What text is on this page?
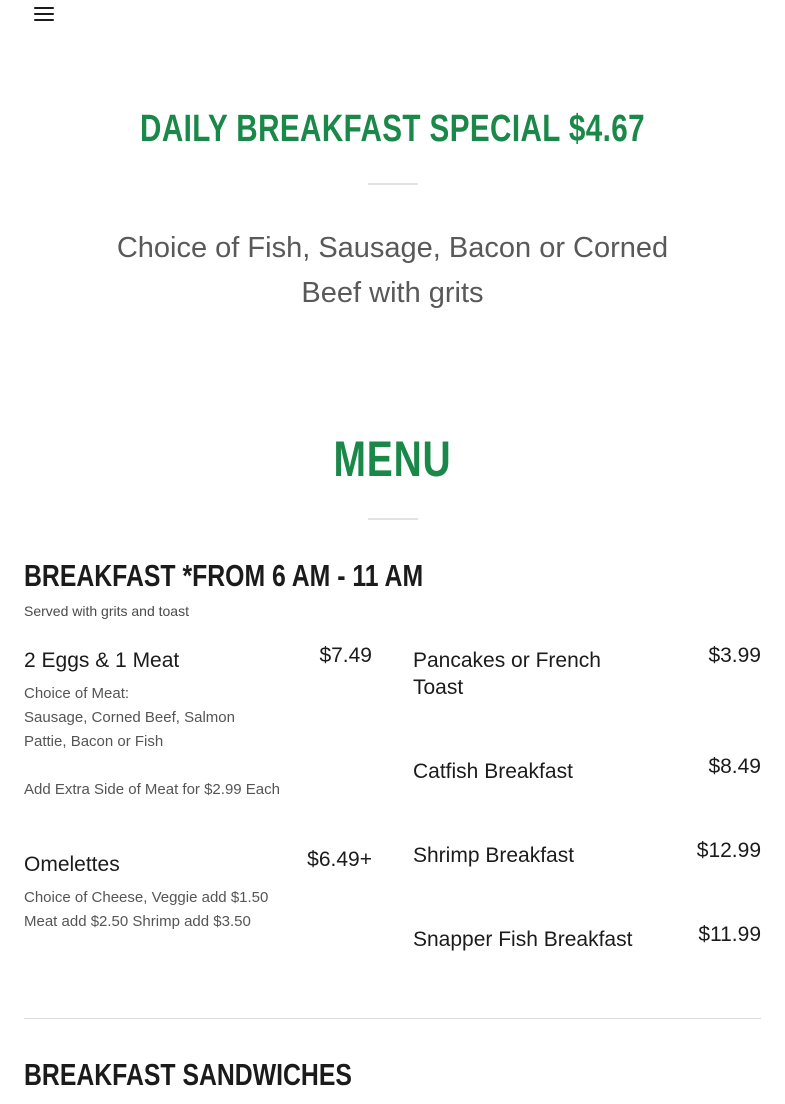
DAILY BREAKFAST SPECIAL $4.67
Choice of Fish, Sausage, Bacon or Corned Beef with grits
MENU
BREAKFAST *FROM 6 AM - 11 AM
Served with grits and toast
2 Eggs & 1 Meat	$7.49
Choice of Meat:
Sausage, Corned Beef, Salmon
Pattie, Bacon or Fish
Add Extra Side of Meat for $2.99 Each
Omelettes	$6.49+
Choice of Cheese, Veggie add $1.50
Meat add $2.50 Shrimp add $3.50
Pancakes or French Toast
$3.99
Catfish Breakfast	$8.49
Shrimp Breakfast	$12.99
Snapper Fish Breakfast	$11.99
BREAKFAST SANDWICHES
